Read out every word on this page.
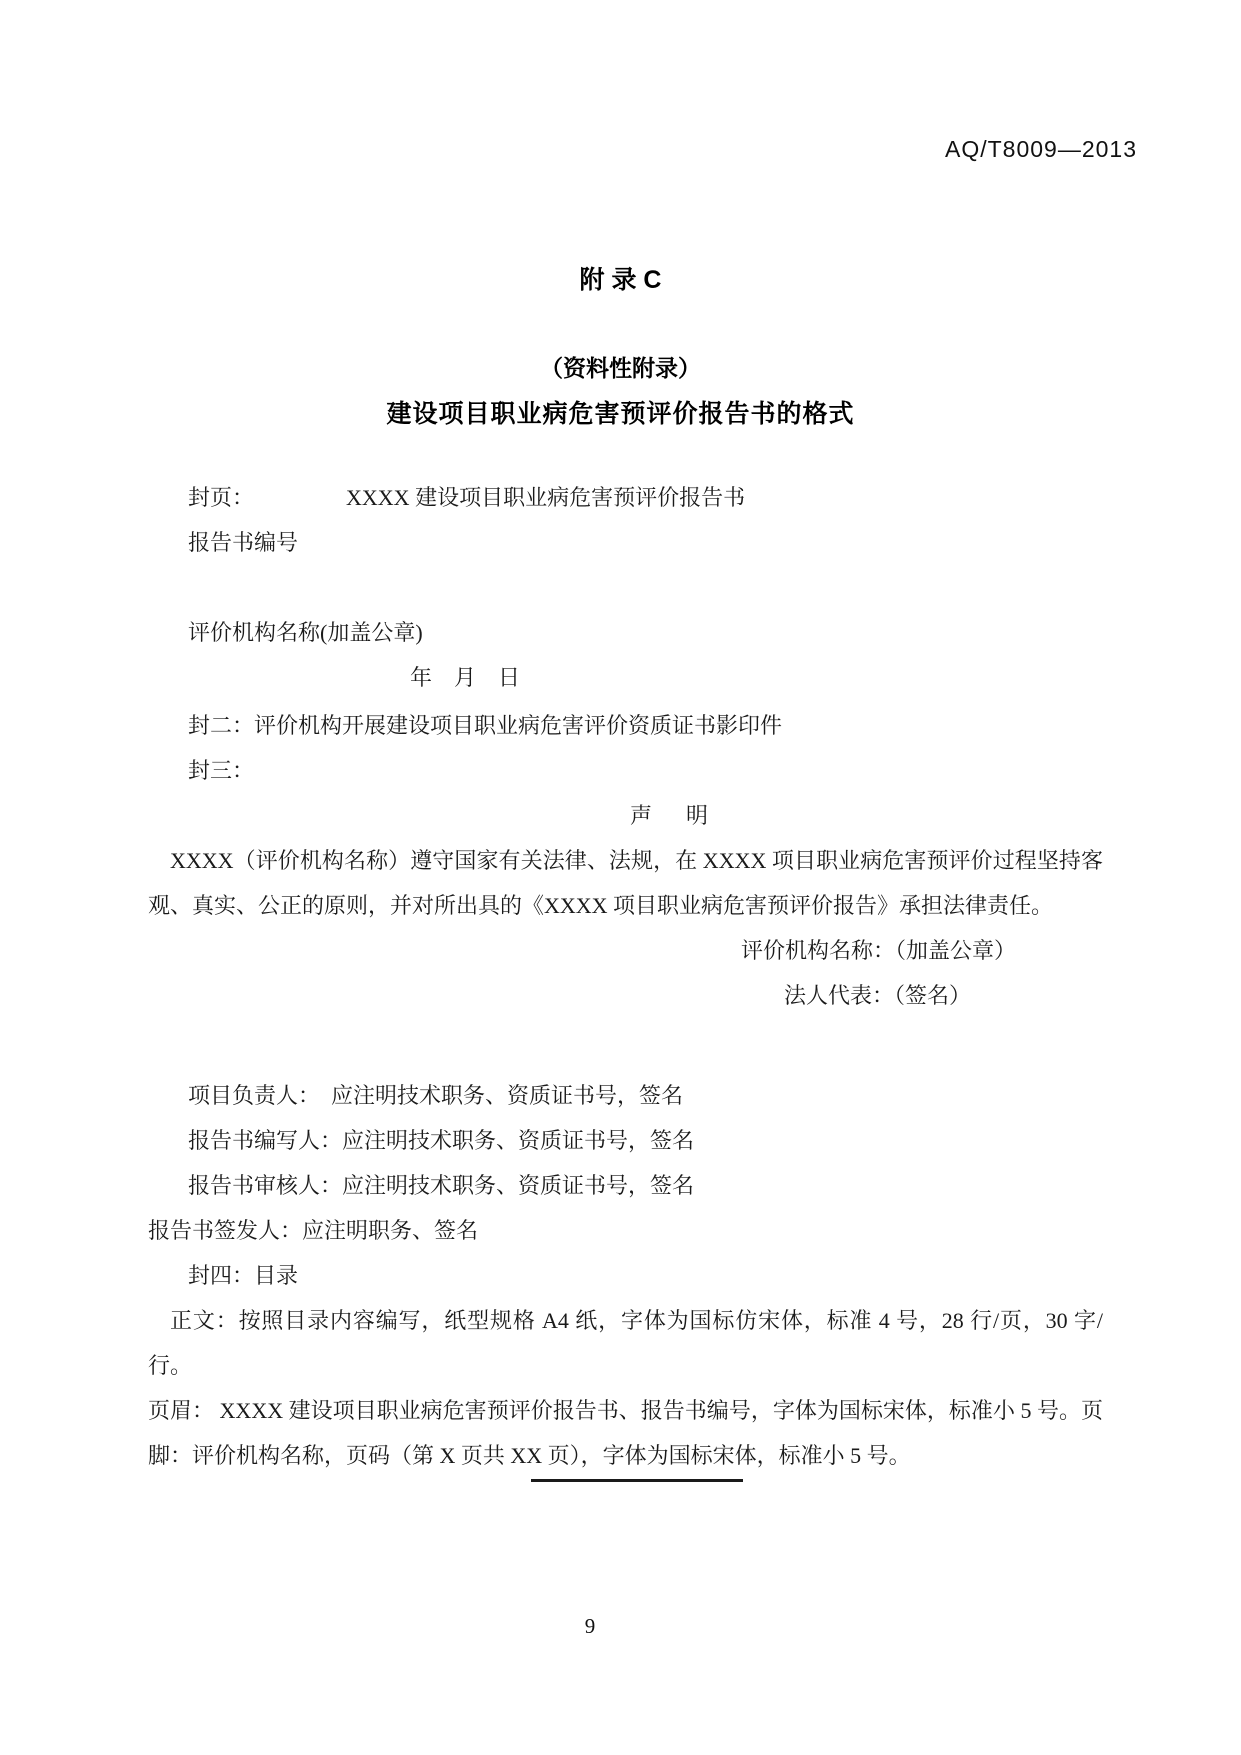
AQ/T8009—2013
附 录 C
（资料性附录）
建设项目职业病危害预评价报告书的格式
封页：	XXXX 建设项目职业病危害预评价报告书
报告书编号
评价机构名称(加盖公章)
年　月　日
封二：评价机构开展建设项目职业病危害评价资质证书影印件
封三：
声　明
XXXX（评价机构名称）遵守国家有关法律、法规，在 XXXX 项目职业病危害预评价过程坚持客观、真实、公正的原则，并对所出具的《XXXX 项目职业病危害预评价报告》承担法律责任。
评价机构名称：（加盖公章）
法人代表：（签名）
项目负责人：　应注明技术职务、资质证书号，签名
报告书编写人：应注明技术职务、资质证书号，签名
报告书审核人：应注明技术职务、资质证书号，签名
报告书签发人：应注明职务、签名
封四：目录
正文：按照目录内容编写，纸型规格 A4 纸，字体为国标仿宋体，标准 4 号，28 行/页，30 字/行。
页眉： XXXX 建设项目职业病危害预评价报告书、报告书编号，字体为国标宋体，标准小 5 号。页脚：评价机构名称，页码（第 X 页共 XX 页），字体为国标宋体，标准小 5 号。
9
